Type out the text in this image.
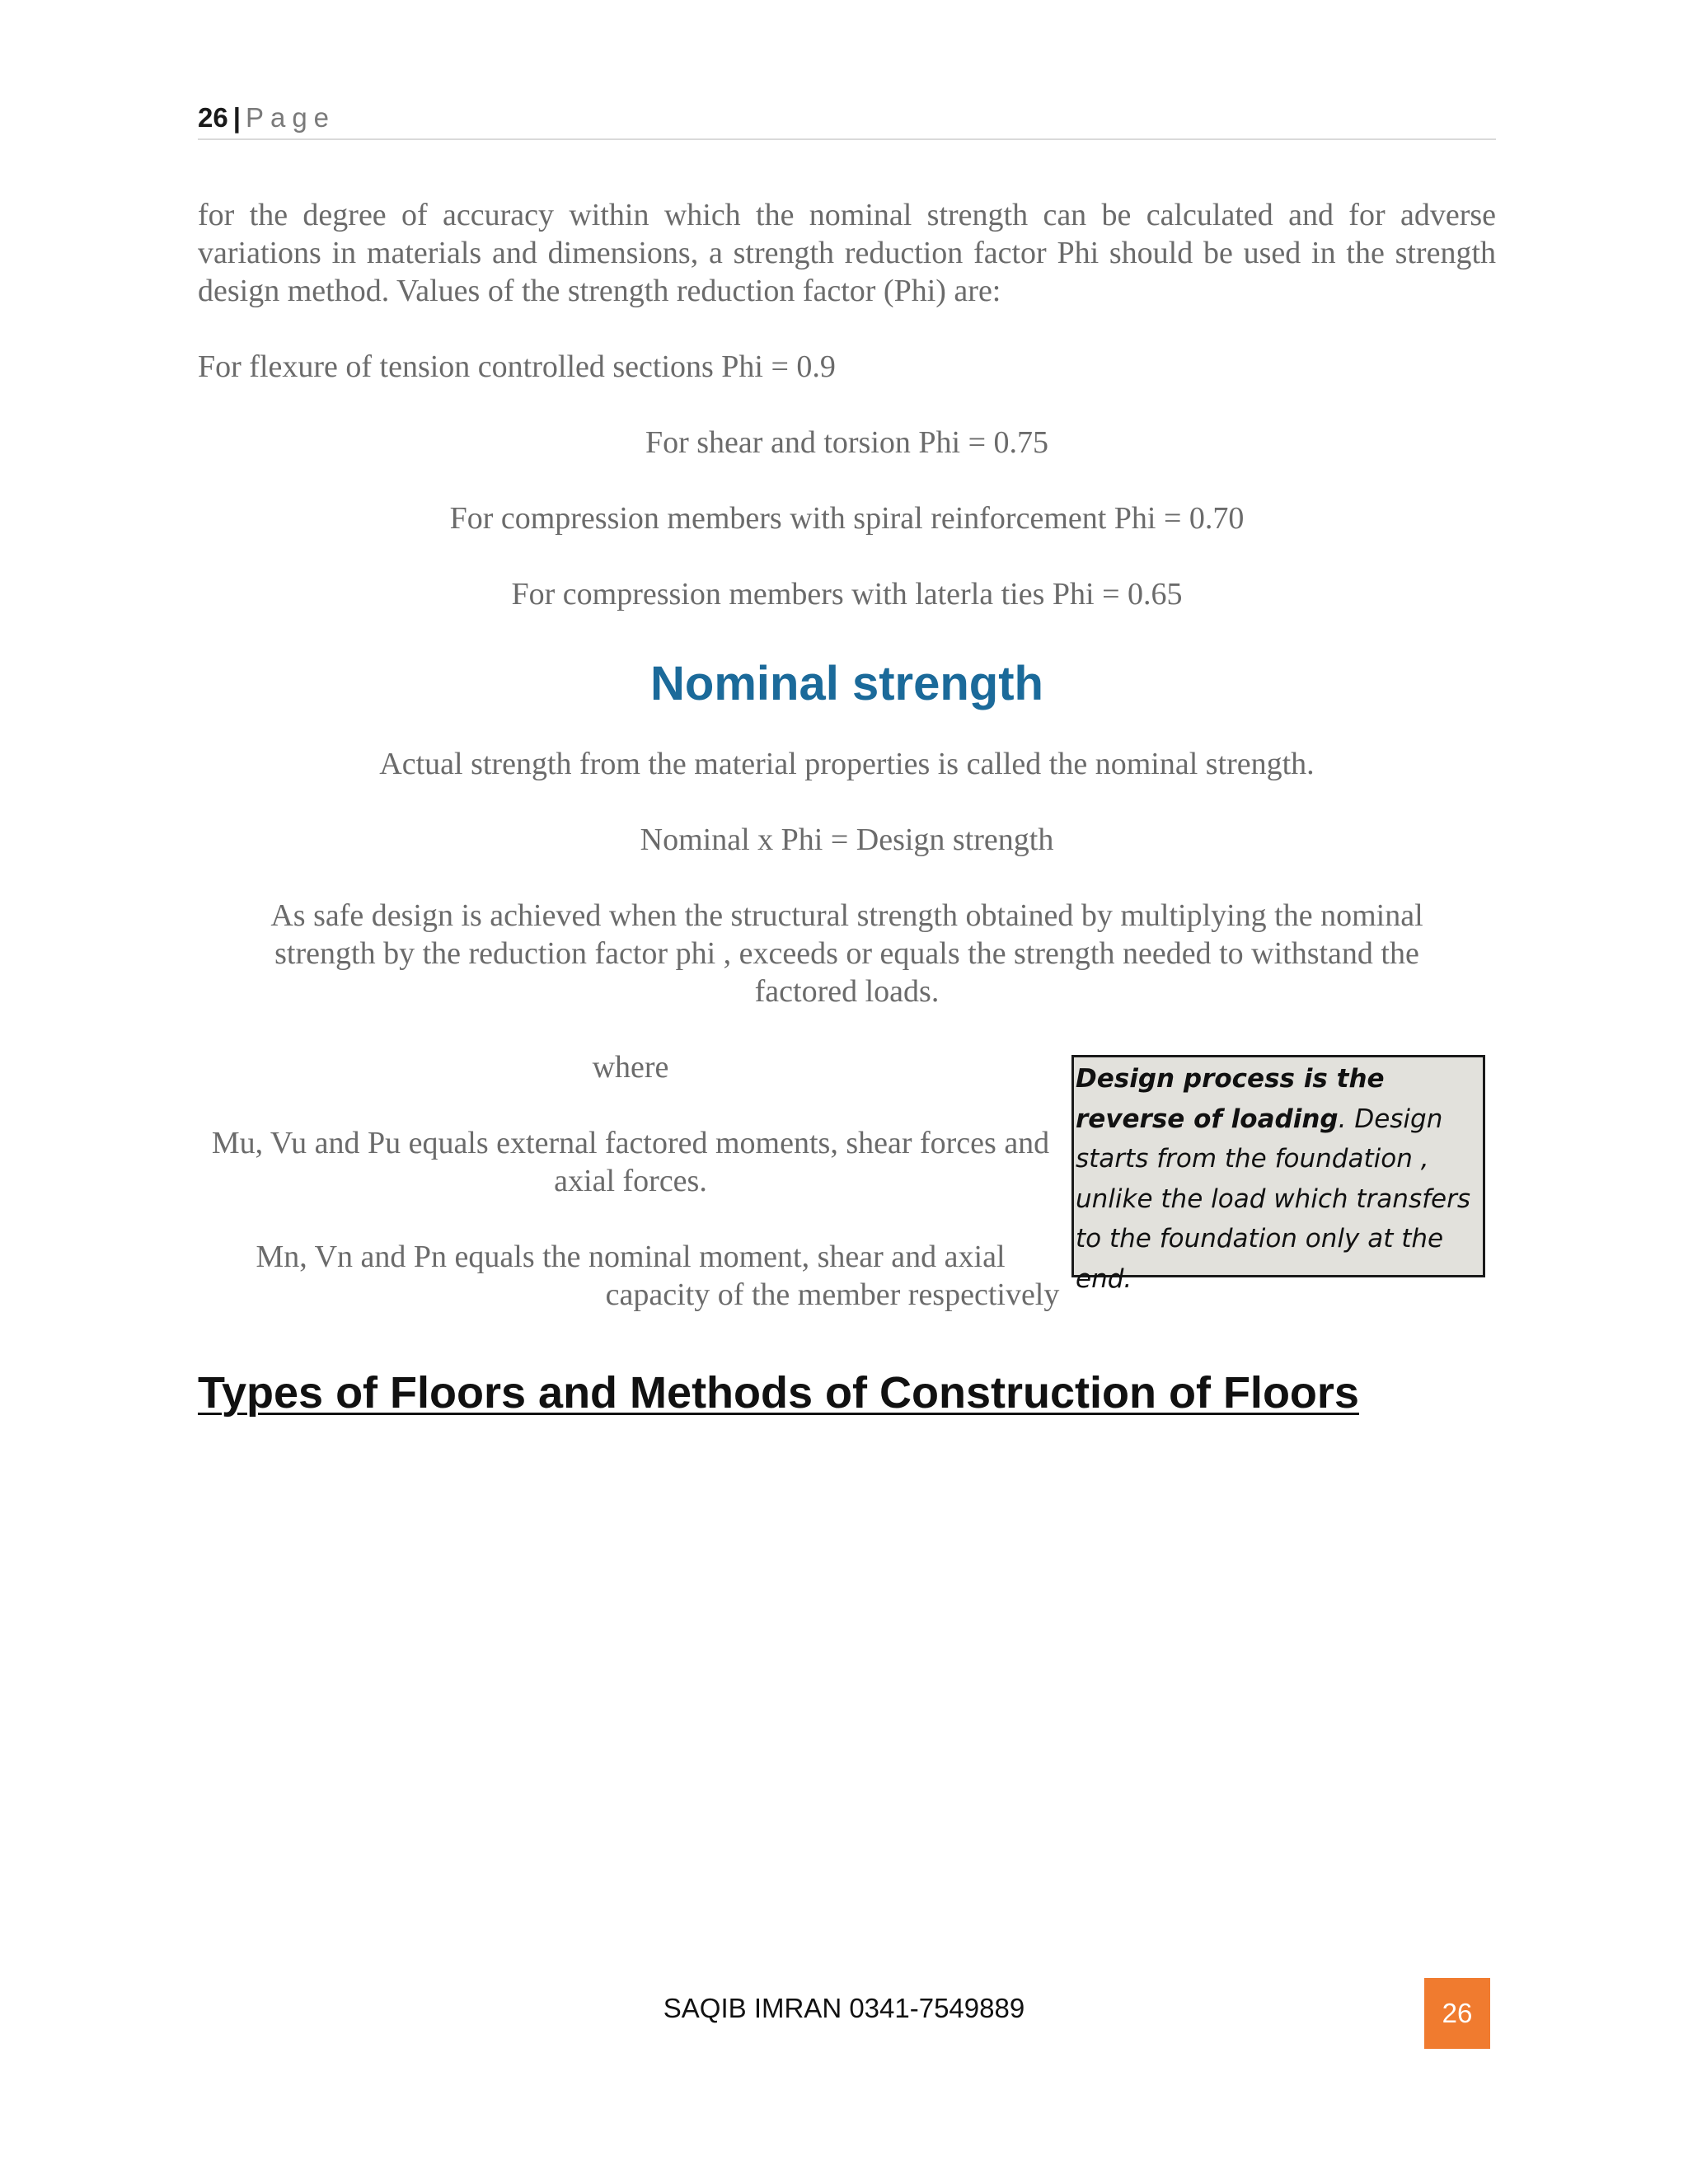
26 | Page
for the degree of accuracy within which the nominal strength can be calculated and for adverse variations in materials and dimensions, a strength reduction factor Phi should be used in the strength design method. Values of the strength reduction factor (Phi) are:
For flexure of tension controlled sections Phi = 0.9
For shear and torsion Phi = 0.75
For compression members with spiral reinforcement Phi = 0.70
For compression members with laterla ties Phi = 0.65
Nominal strength
Actual strength from the material properties is called the nominal strength.
Nominal x Phi = Design strength
As safe design is achieved when the structural strength obtained by multiplying the nominal strength by the reduction factor phi , exceeds or equals the strength needed to withstand the factored loads.
where
Mu, Vu and Pu equals external factored moments, shear forces and axial forces.
Mn, Vn and Pn equals the nominal moment, shear and axial
capacity of the member respectively
Design process is the reverse of loading. Design starts from the foundation , unlike the load which transfers to the foundation only at the end.
Types of Floors and Methods of Construction of Floors
SAQIB IMRAN 0341-7549889	26
